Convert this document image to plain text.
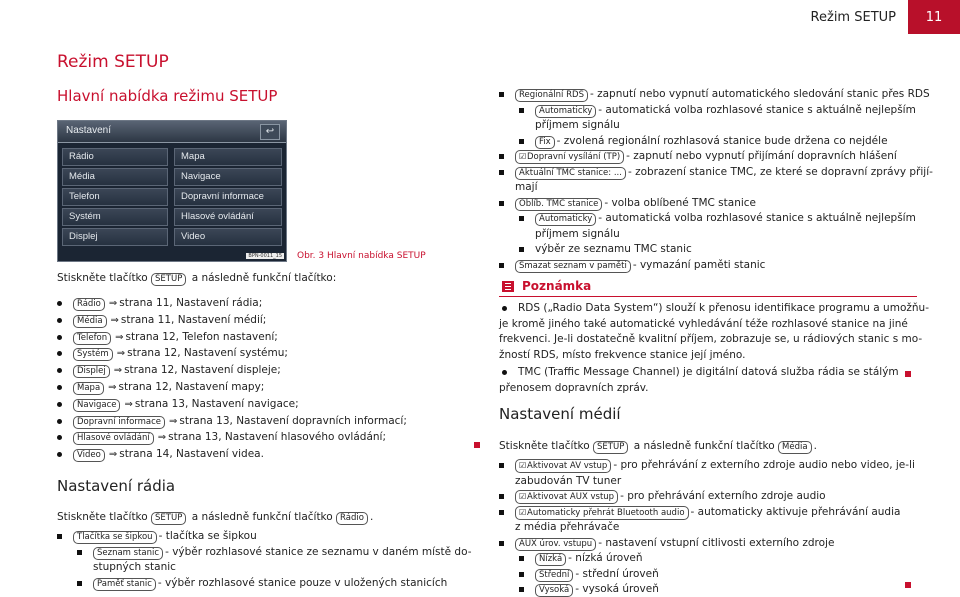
Režim SETUP	11
Režim SETUP
Hlavní nabídka režimu SETUP
Nastavení	↩
Rádio
Média
Telefon
Systém
Displej
Mapa
Navigace
Dopravní informace
Hlasové ovládání
Video
BPN-0011_15 Obr. 3 Hlavní nabídka SETUP
Stiskněte tlačítko SETUP a následně funkční tlačítko:
Rádio ⇒ strana 11, Nastavení rádia;
Média ⇒ strana 11, Nastavení médií;
Telefon ⇒ strana 12, Telefon nastavení;
Systém ⇒ strana 12, Nastavení systému;
Displej ⇒ strana 12, Nastavení displeje;
Mapa ⇒ strana 12, Nastavení mapy;
Navigace ⇒ strana 13, Nastavení navigace;
Dopravní informace ⇒ strana 13, Nastavení dopravních informací;
Hlasové ovládání ⇒ strana 13, Nastavení hlasového ovládání;
Video ⇒ strana 14, Nastavení videa.
Nastavení rádia
Stiskněte tlačítko SETUP a následně funkční tlačítko Rádio .
Tlačítka se šipkou - tlačítka se šipkou
Seznam stanic - výběr rozhlasové stanice ze seznamu v daném místě do-
stupných stanic
Paměť stanic - výběr rozhlasové stanice pouze v uložených stanicích
Regionální RDS - zapnutí nebo vypnutí automatického sledování stanic přes RDS
Automaticky - automatická volba rozhlasové stanice s aktuálně nejlepším
příjmem signálu
Fix - zvolená regionální rozhlasová stanice bude držena co nejdéle
☑Dopravní vysílání (TP) - zapnutí nebo vypnutí přijímání dopravních hlášení
Aktuální TMC stanice: ... - zobrazení stanice TMC, ze které se dopravní zprávy přijí-
mají
Oblíb. TMC stanice - volba oblíbené TMC stanice
Automaticky - automatická volba rozhlasové stanice s aktuálně nejlepším
příjmem signálu
výběr ze seznamu TMC stanic
Smazat seznam v paměti - vymazání paměti stanic
Poznámka
RDS („Radio Data System“) slouží k přenosu identifikace programu a umožňu-
je kromě jiného také automatické vyhledávání téže rozhlasové stanice na jiné
frekvenci. Je-li dostatečně kvalitní příjem, zobrazuje se, u rádiových stanic s mo-
žností RDS, místo frekvence stanice její jméno.
TMC (Traffic Message Channel) je digitální datová služba rádia se stálým
přenosem dopravních zpráv.
Nastavení médií
Stiskněte tlačítko SETUP a následně funkční tlačítko Média .
☑Aktivovat AV vstup - pro přehrávání z externího zdroje audio nebo video, je-li
zabudován TV tuner
☑Aktivovat AUX vstup - pro přehrávání externího zdroje audio
☑Automaticky přehrát Bluetooth audio - automaticky aktivuje přehrávání audia
z média přehrávače
AUX úrov. vstupu - nastavení vstupní citlivosti externího zdroje
Nízká - nízká úroveň
Střední - střední úroveň
Vysoká - vysoká úroveň
